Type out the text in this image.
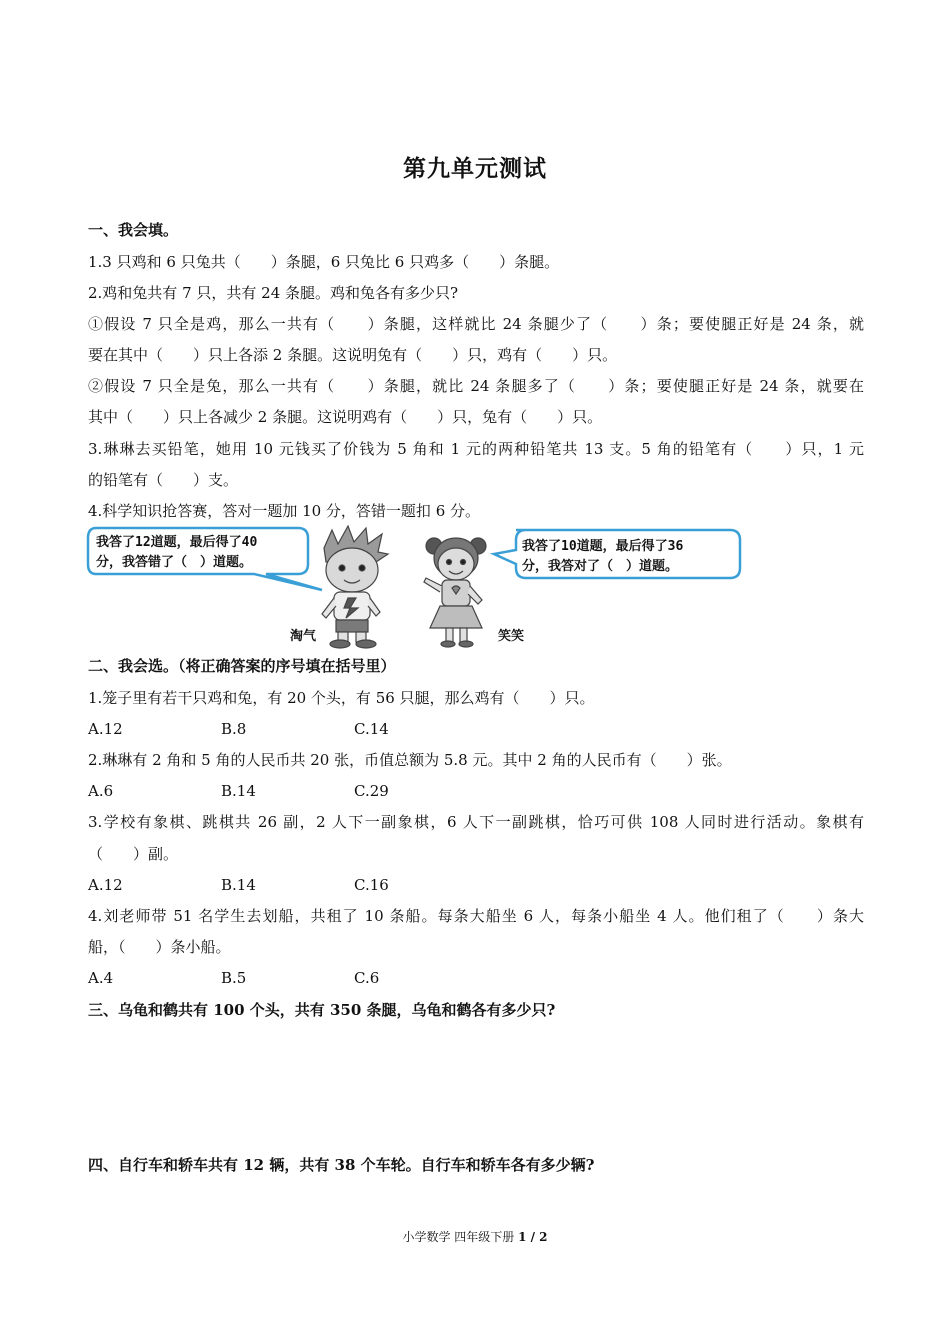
第九单元测试
一、我会填。
1.3 只鸡和 6 只兔共（　　）条腿，6 只兔比 6 只鸡多（　　）条腿。
2.鸡和兔共有 7 只，共有 24 条腿。鸡和兔各有多少只?
①假设 7 只全是鸡，那么一共有（　　）条腿，这样就比 24 条腿少了（　　）条；要使腿正好是 24 条，就
要在其中（　　）只上各添 2 条腿。这说明兔有（　　）只，鸡有（　　）只。
②假设 7 只全是兔，那么一共有（　　）条腿，就比 24 条腿多了（　　）条；要使腿正好是 24 条，就要在
其中（　　）只上各减少 2 条腿。这说明鸡有（　　）只，兔有（　　）只。
3.琳琳去买铅笔，她用 10 元钱买了价钱为 5 角和 1 元的两种铅笔共 13 支。5 角的铅笔有（　　）只，1 元
的铅笔有（　　）支。
4.科学知识抢答赛，答对一题加 10 分，答错一题扣 6 分。
我答了12道题，最后得了40
分，我答错了（　）道题。
淘气	笑笑
我答了10道题，最后得了36
分，我答对了（　）道题。
二、我会选。（将正确答案的序号填在括号里）
1.笼子里有若干只鸡和兔，有 20 个头，有 56 只腿，那么鸡有（　　）只。
A.12	B.8	C.14
2.琳琳有 2 角和 5 角的人民币共 20 张，币值总额为 5.8 元。其中 2 角的人民币有（　　）张。
A.6	B.14	C.29
3.学校有象棋、跳棋共 26 副，2 人下一副象棋，6 人下一副跳棋，恰巧可供 108 人同时进行活动。象棋有
（　　）副。
A.12	B.14	C.16
4.刘老师带 51 名学生去划船，共租了 10 条船。每条大船坐 6 人，每条小船坐 4 人。他们租了（　　）条大
船，（　　）条小船。
A.4	B.5	C.6
三、乌龟和鹤共有 100 个头，共有 350 条腿，乌龟和鹤各有多少只?
四、自行车和轿车共有 12 辆，共有 38 个车轮。自行车和轿车各有多少辆?
小学数学 四年级下册 1 / 2
